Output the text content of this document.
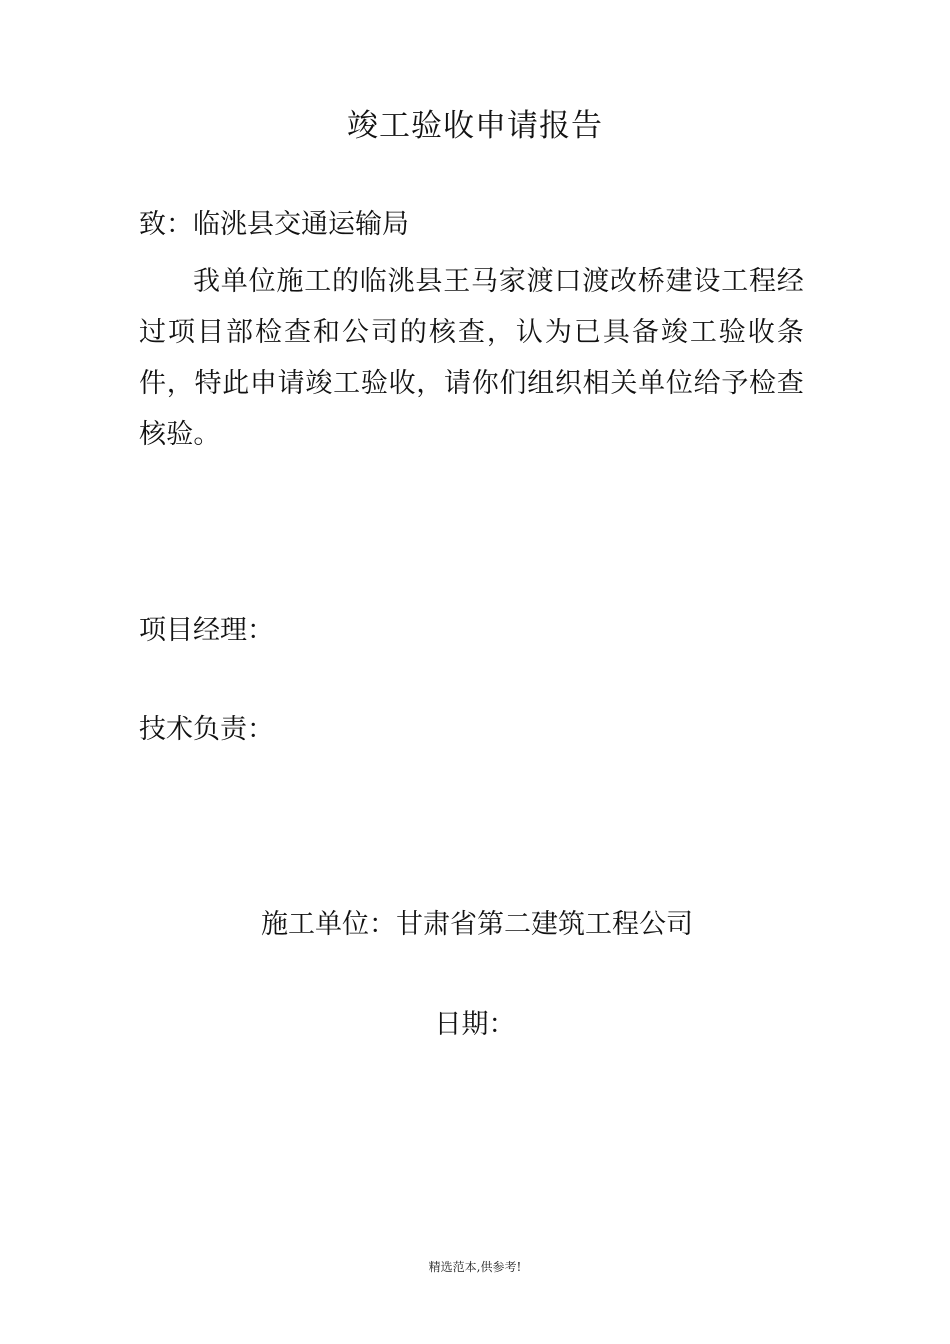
竣工验收申请报告
致：临洮县交通运输局

我单位施工的临洮县王马家渡口渡改桥建设工程经过项目部检查和公司的核查，认为已具备竣工验收条件，特此申请竣工验收，请你们组织相关单位给予检查核验。

项目经理：
技术负责：
施工单位：甘肃省第二建筑工程公司
日期：
精选范本,供参考!
